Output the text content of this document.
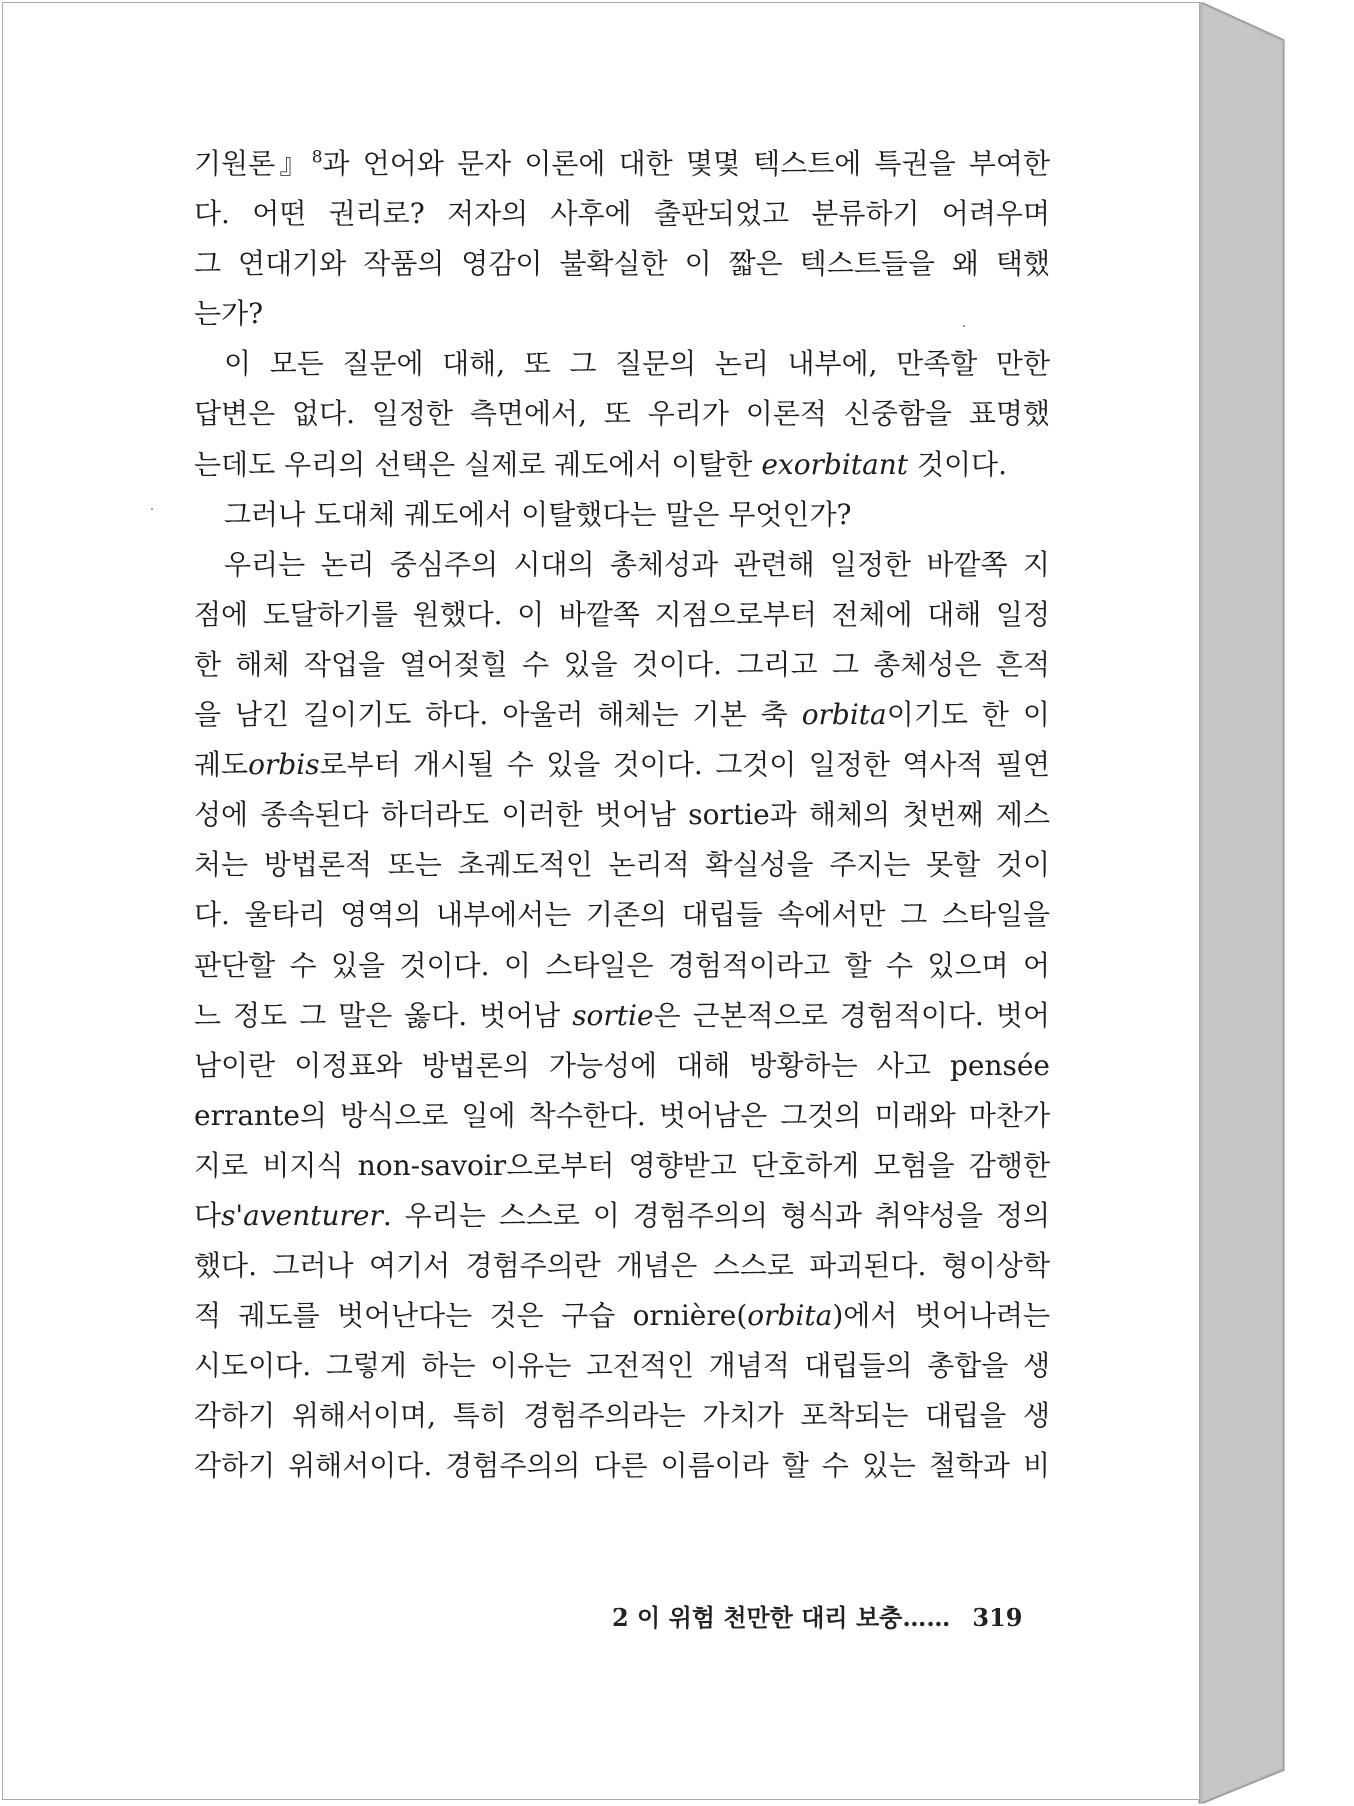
기원론』$^8$과 언어와 문자 이론에 대한 몇몇 텍스트에 특권을 부여한
다. 어떤 권리로? 저자의 사후에 출판되었고 분류하기 어려우며
그 연대기와 작품의 영감이 불확실한 이 짧은 텍스트들을 왜 택했
는가?
이 모든 질문에 대해, 또 그 질문의 논리 내부에, 만족할 만한
답변은 없다. 일정한 측면에서, 또 우리가 이론적 신중함을 표명했
는데도 우리의 선택은 실제로 궤도에서 이탈한 exorbitant 것이다.
그러나 도대체 궤도에서 이탈했다는 말은 무엇인가?
우리는 논리 중심주의 시대의 총체성과 관련해 일정한 바깥쪽 지
점에 도달하기를 원했다. 이 바깥쪽 지점으로부터 전체에 대해 일정
한 해체 작업을 열어젖힐 수 있을 것이다. 그리고 그 총체성은 흔적
을 남긴 길이기도 하다. 아울러 해체는 기본 축 orbita이기도 한 이
궤도orbis로부터 개시될 수 있을 것이다. 그것이 일정한 역사적 필연
성에 종속된다 하더라도 이러한 벗어남 sortie과 해체의 첫번째 제스
처는 방법론적 또는 초궤도적인 논리적 확실성을 주지는 못할 것이
다. 울타리 영역의 내부에서는 기존의 대립들 속에서만 그 스타일을
판단할 수 있을 것이다. 이 스타일은 경험적이라고 할 수 있으며 어
느 정도 그 말은 옳다. 벗어남 sortie은 근본적으로 경험적이다. 벗어
남이란 이정표와 방법론의 가능성에 대해 방황하는 사고 pensée
errante의 방식으로 일에 착수한다. 벗어남은 그것의 미래와 마찬가
지로 비지식 non-savoir으로부터 영향받고 단호하게 모험을 감행한
다s'aventurer. 우리는 스스로 이 경험주의의 형식과 취약성을 정의
했다. 그러나 여기서 경험주의란 개념은 스스로 파괴된다. 형이상학
적 궤도를 벗어난다는 것은 구습 ornière(orbita)에서 벗어나려는
시도이다. 그렇게 하는 이유는 고전적인 개념적 대립들의 총합을 생
각하기 위해서이며, 특히 경험주의라는 가치가 포착되는 대립을 생
각하기 위해서이다. 경험주의의 다른 이름이라 할 수 있는 철학과 비
2 이 위험 천만한 대리 보충…… 319
